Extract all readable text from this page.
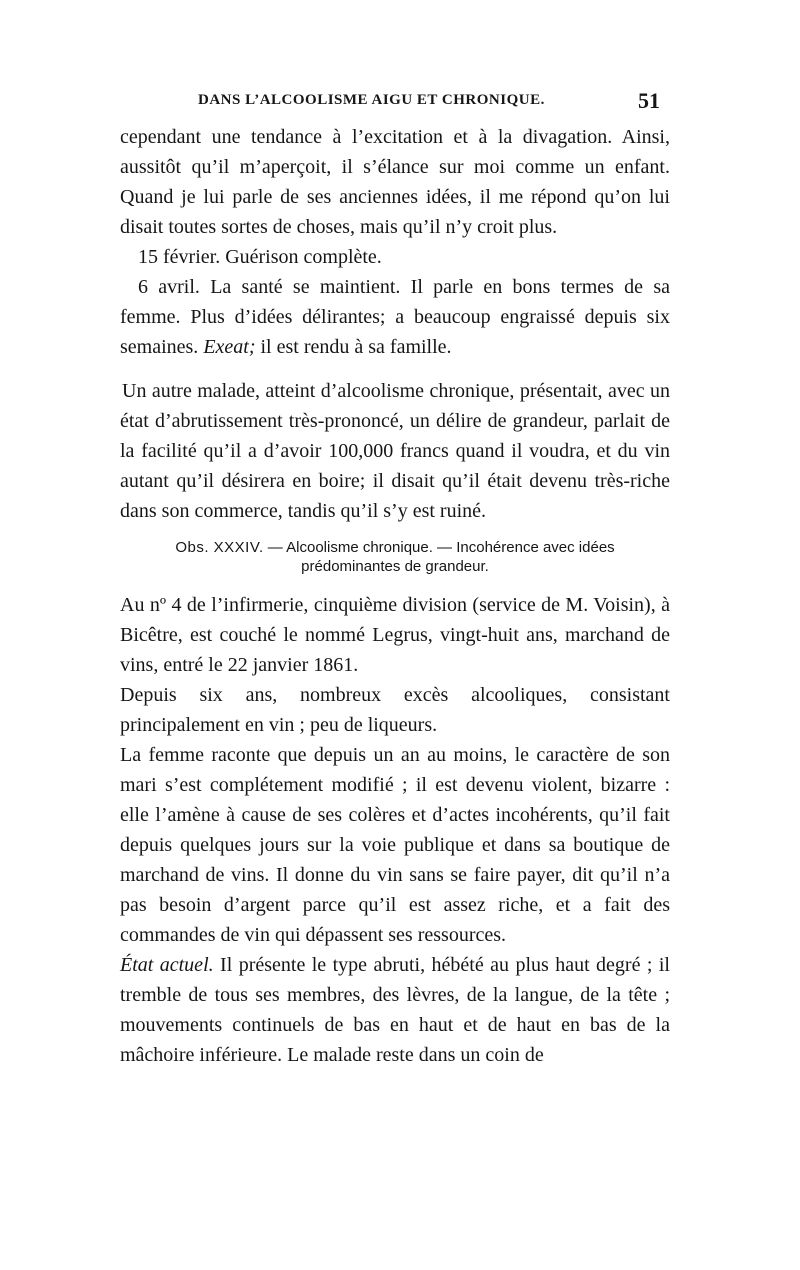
DANS L’ALCOOLISME AIGU ET CHRONIQUE.	51

cependant une tendance à l’excitation et à la divagation. Ainsi, aussitôt qu’il m’aperçoit, il s’élance sur moi comme un enfant. Quand je lui parle de ses anciennes idées, il me répond qu’on lui disait toutes sortes de choses, mais qu’il n’y croit plus.

15 février. Guérison complète.

6 avril. La santé se maintient. Il parle en bons termes de sa femme. Plus d’idées délirantes; a beaucoup engraissé depuis six semaines. Exeat; il est rendu à sa famille.

Un autre malade, atteint d’alcoolisme chronique, présentait, avec un état d’abrutissement très-prononcé, un délire de grandeur, parlait de la facilité qu’il a d’avoir 100,000 francs quand il voudra, et du vin autant qu’il désirera en boire; il disait qu’il était devenu très-riche dans son commerce, tandis qu’il s’y est ruiné.

Obs. XXXIV. — Alcoolisme chronique. — Incohérence avec idées
prédominantes de grandeur.

Au nº 4 de l’infirmerie, cinquième division (service de M. Voisin), à Bicêtre, est couché le nommé Legrus, vingt-huit ans, marchand de vins, entré le 22 janvier 1861.

Depuis six ans, nombreux excès alcooliques, consistant principalement en vin ; peu de liqueurs.

La femme raconte que depuis un an au moins, le caractère de son mari s’est complétement modifié ; il est devenu violent, bizarre : elle l’amène à cause de ses colères et d’actes incohérents, qu’il fait depuis quelques jours sur la voie publique et dans sa boutique de marchand de vins. Il donne du vin sans se faire payer, dit qu’il n’a pas besoin d’argent parce qu’il est assez riche, et a fait des commandes de vin qui dépassent ses ressources.

État actuel. Il présente le type abruti, hébété au plus haut degré ; il tremble de tous ses membres, des lèvres, de la langue, de la tête ; mouvements continuels de bas en haut et de haut en bas de la mâchoire inférieure. Le malade reste dans un coin de
